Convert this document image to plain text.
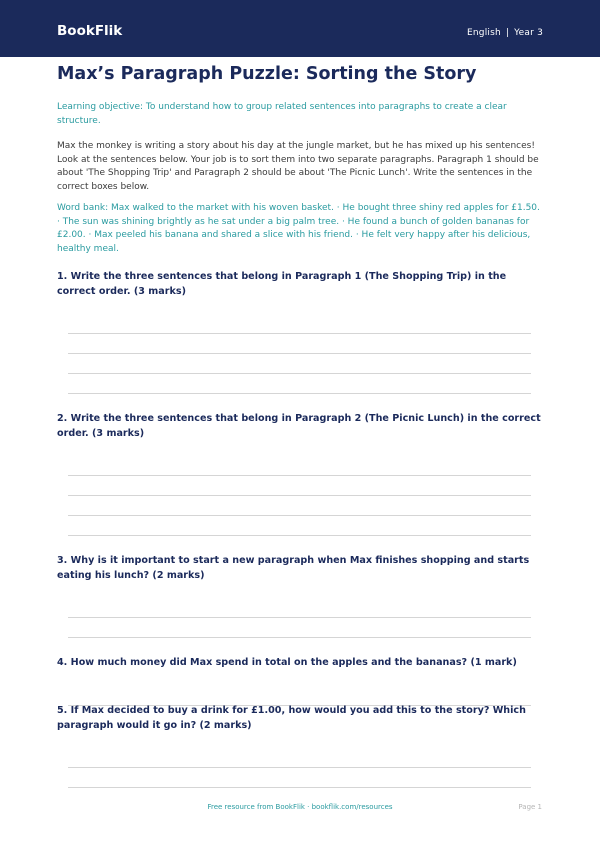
BookFlik	English | Year 3
Max’s Paragraph Puzzle: Sorting the Story
Learning objective: To understand how to group related sentences into paragraphs to create a clear structure.
Max the monkey is writing a story about his day at the jungle market, but he has mixed up his sentences! Look at the sentences below. Your job is to sort them into two separate paragraphs. Paragraph 1 should be about 'The Shopping Trip' and Paragraph 2 should be about 'The Picnic Lunch'. Write the sentences in the correct boxes below.
Word bank: Max walked to the market with his woven basket. · He bought three shiny red apples for £1.50. · The sun was shining brightly as he sat under a big palm tree. · He found a bunch of golden bananas for £2.00. · Max peeled his banana and shared a slice with his friend. · He felt very happy after his delicious, healthy meal.
1. Write the three sentences that belong in Paragraph 1 (The Shopping Trip) in the correct order. (3 marks)
2. Write the three sentences that belong in Paragraph 2 (The Picnic Lunch) in the correct order. (3 marks)
3. Why is it important to start a new paragraph when Max finishes shopping and starts eating his lunch? (2 marks)
4. How much money did Max spend in total on the apples and the bananas? (1 mark)
5. If Max decided to buy a drink for £1.00, how would you add this to the story? Which paragraph would it go in? (2 marks)
Free resource from BookFlik · bookflik.com/resources	Page 1
